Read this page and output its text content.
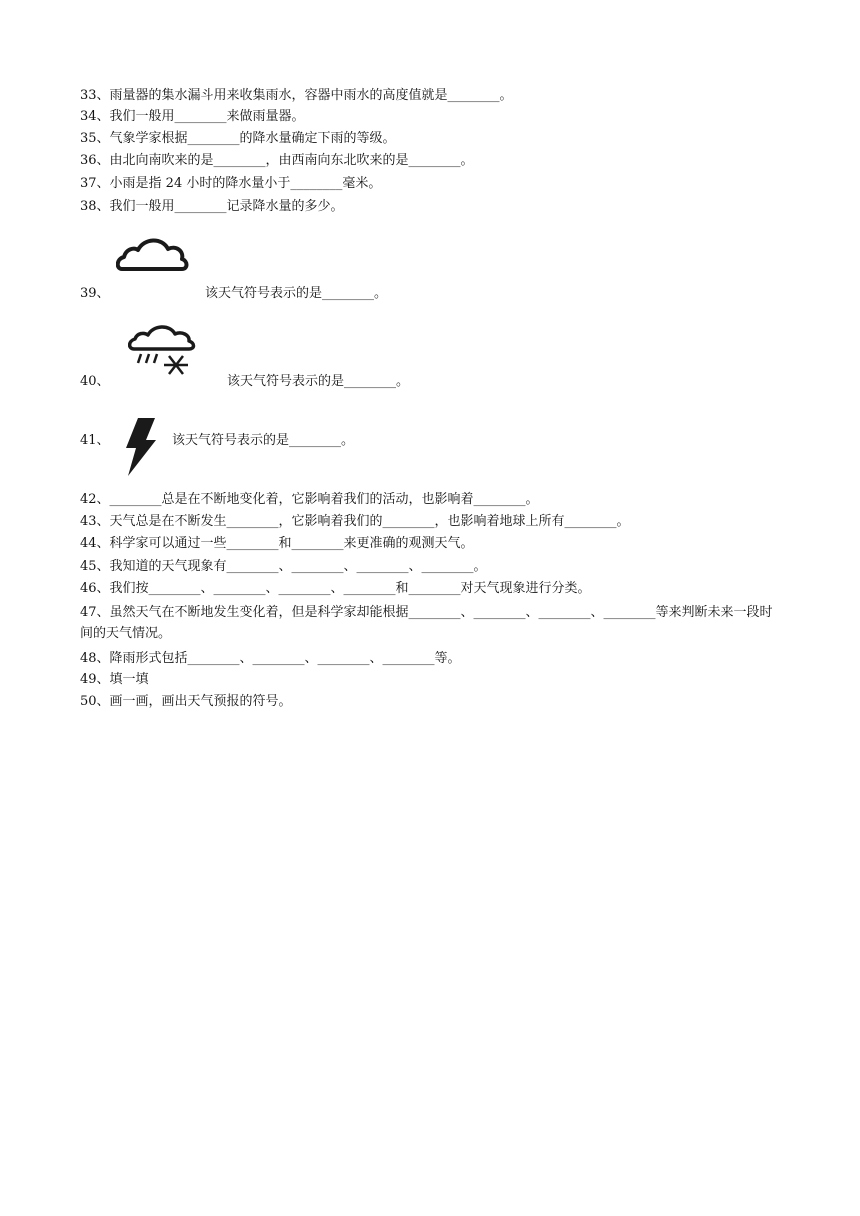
33、雨量器的集水漏斗用来收集雨水，容器中雨水的高度值就是________。
34、我们一般用________来做雨量器。
35、气象学家根据________的降水量确定下雨的等级。
36、由北向南吹来的是________，由西南向东北吹来的是________。
37、小雨是指 24 小时的降水量小于________毫米。
38、我们一般用________记录降水量的多少。
39、	该天气符号表示的是________。
40、	该天气符号表示的是________。
41、	该天气符号表示的是________。
42、________总是在不断地变化着，它影响着我们的活动，也影响着________。
43、天气总是在不断发生________，它影响着我们的________，也影响着地球上所有________。
44、科学家可以通过一些________和________来更准确的观测天气。
45、我知道的天气现象有________、________、________、________。
46、我们按________、________、________、________和________对天气现象进行分类。
47、虽然天气在不断地发生变化着，但是科学家却能根据________、________、________、________等来判断未来一段时间的天气情况。
48、降雨形式包括________、________、________、________等。
49、填一填
50、画一画，画出天气预报的符号。
